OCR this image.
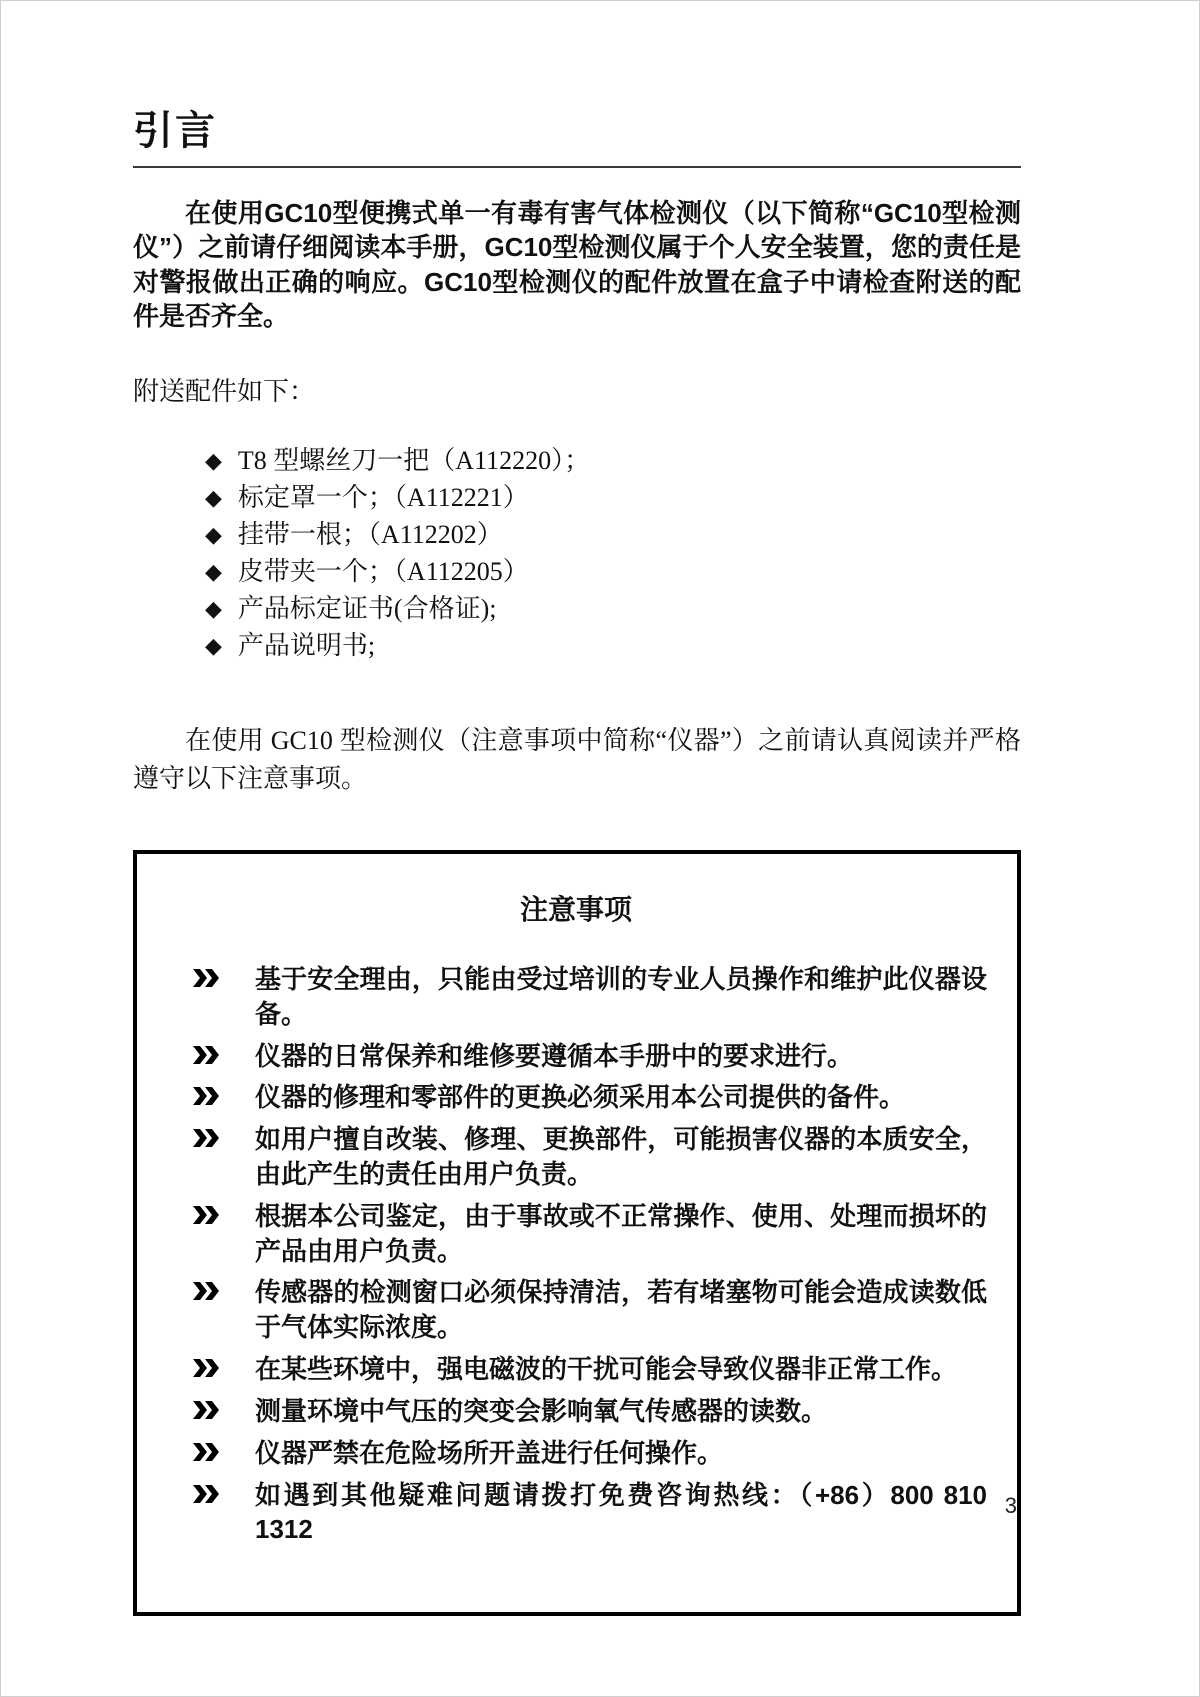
引言

在使用GC10型便携式单一有毒有害气体检测仪（以下简称“GC10型检测仪”）之前请仔细阅读本手册，GC10型检测仪属于个人安全装置，您的责任是对警报做出正确的响应。GC10型检测仪的配件放置在盒子中请检查附送的配件是否齐全。

附送配件如下：

◆ T8 型螺丝刀一把（A112220）；
◆ 标定罩一个；（A112221）
◆ 挂带一根；（A112202）
◆ 皮带夹一个；（A112205）
◆ 产品标定证书(合格证);
◆ 产品说明书;

在使用 GC10 型检测仪（注意事项中简称“仪器”）之前请认真阅读并严格遵守以下注意事项。

注意事项
基于安全理由，只能由受过培训的专业人员操作和维护此仪器设备。
仪器的日常保养和维修要遵循本手册中的要求进行。
仪器的修理和零部件的更换必须采用本公司提供的备件。
如用户擅自改装、修理、更换部件，可能损害仪器的本质安全，由此产生的责任由用户负责。
根据本公司鉴定，由于事故或不正常操作、使用、处理而损坏的产品由用户负责。
传感器的检测窗口必须保持清洁，若有堵塞物可能会造成读数低于气体实际浓度。
在某些环境中，强电磁波的干扰可能会导致仪器非正常工作。
测量环境中气压的突变会影响氧气传感器的读数。
仪器严禁在危险场所开盖进行任何操作。
如遇到其他疑难问题请拨打免费咨询热线：（+86）800 810 1312
3
